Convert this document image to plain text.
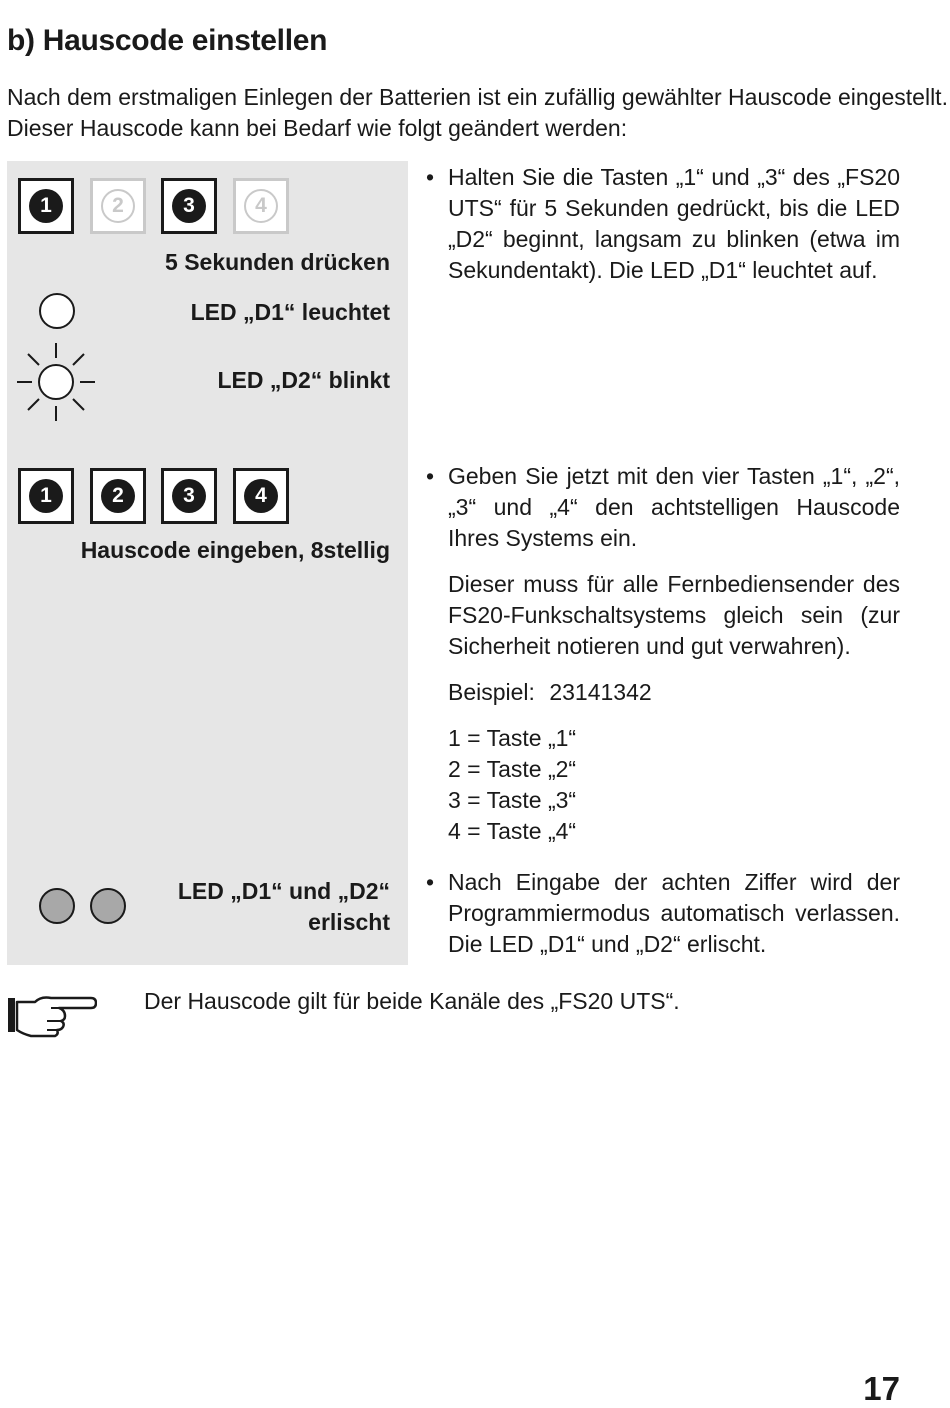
b) Hauscode einstellen
Nach dem erstmaligen Einlegen der Batterien ist ein zufällig gewählter Hauscode eingestellt.
Dieser Hauscode kann bei Bedarf wie folgt geändert werden:
1	2	3	4
5 Sekunden drücken
LED „D1“ leuchtet
LED „D2“ blinkt
1	2	3	4
Hauscode eingeben, 8stellig
LED „D1“ und „D2“
erlischt
• Halten Sie die Tasten „1“ und „3“ des „FS20 UTS“ für 5 Sekunden gedrückt, bis die LED „D2“ beginnt, langsam zu blinken (etwa im Sekundentakt). Die LED „D1“ leuchtet auf.
• Geben Sie jetzt mit den vier Tasten „1“, „2“, „3“ und „4“ den achtstelligen Hauscode Ihres Systems ein.
Dieser muss für alle Fernbediensender des FS20-Funkschaltsystems gleich sein (zur Sicherheit notieren und gut verwahren).
Beispiel: 23141342
1 = Taste „1“
2 = Taste „2“
3 = Taste „3“
4 = Taste „4“
• Nach Eingabe der achten Ziffer wird der Programmiermodus automatisch verlassen. Die LED „D1“ und „D2“ erlischt.
Der Hauscode gilt für beide Kanäle des „FS20 UTS“.
17
